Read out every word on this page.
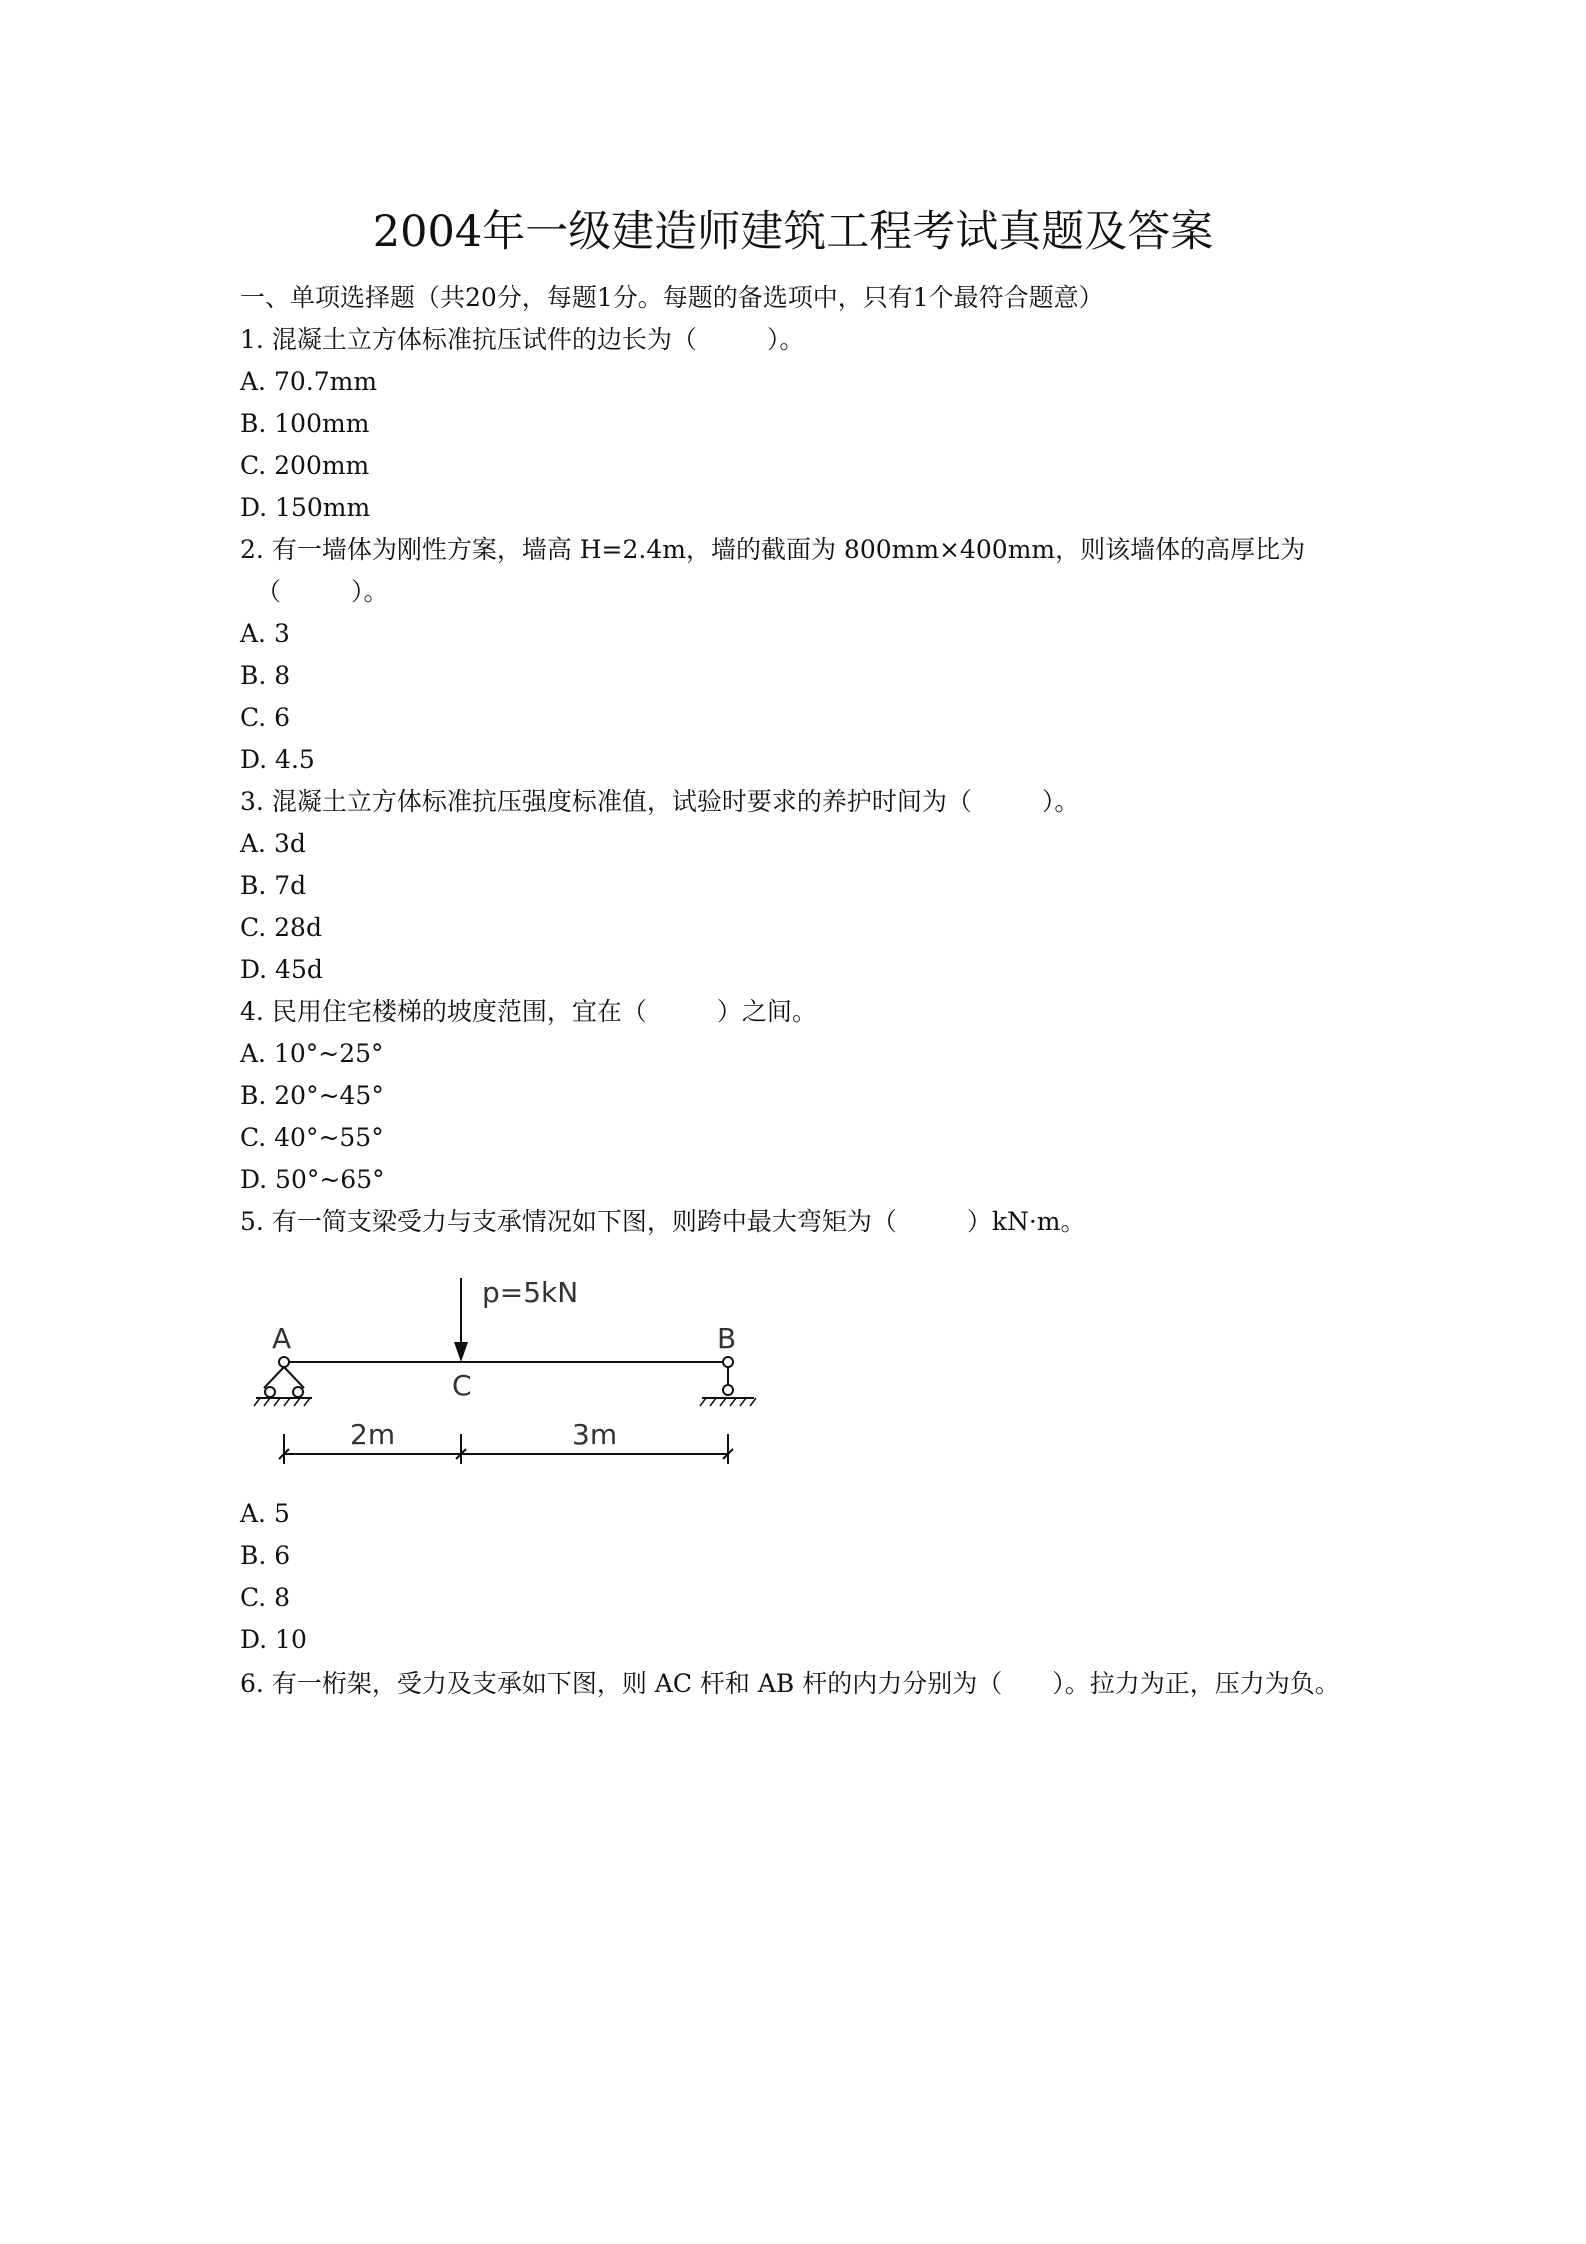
2004年一级建造师建筑工程考试真题及答案
一、单项选择题（共20分，每题1分。每题的备选项中，只有1个最符合题意）
1. 混凝土立方体标准抗压试件的边长为（	）。
A. 70.7mm
B. 100mm
C. 200mm
D. 150mm
2. 有一墙体为刚性方案，墙高 H=2.4m，墙的截面为 800mm×400mm，则该墙体的高厚比为
（	）。
A. 3
B. 8
C. 6
D. 4.5
3. 混凝土立方体标准抗压强度标准值，试验时要求的养护时间为（	）。
A. 3d
B. 7d
C. 28d
D. 45d
4. 民用住宅楼梯的坡度范围，宜在（	）之间。
A. 10°~25°
B. 20°~45°
C. 40°~55°
D. 50°~65°
5. 有一简支梁受力与支承情况如下图，则跨中最大弯矩为（	）kN·m。
p=5kN
A	B
C
2m	3m
A. 5
B. 6
C. 8
D. 10
6. 有一桁架，受力及支承如下图，则 AC 杆和 AB 杆的内力分别为（　　）。拉力为正，压力为负。
